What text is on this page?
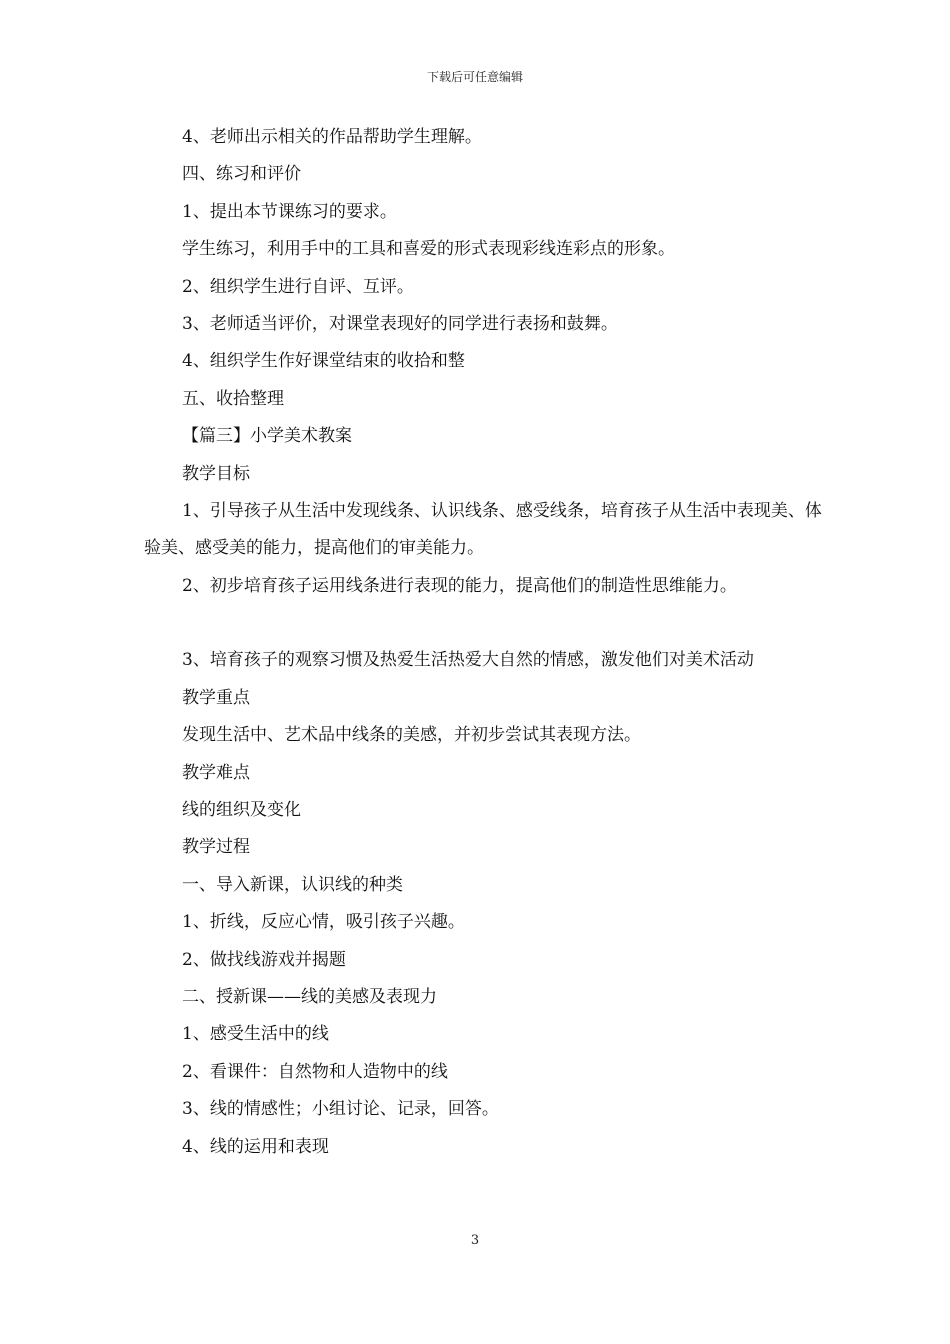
下载后可任意编辑

4、老师出示相关的作品帮助学生理解。

四、练习和评价

1、提出本节课练习的要求。

学生练习，利用手中的工具和喜爱的形式表现彩线连彩点的形象。

2、组织学生进行自评、互评。

3、老师适当评价，对课堂表现好的同学进行表扬和鼓舞。

4、组织学生作好课堂结束的收拾和整

五、收拾整理

【篇三】小学美术教案

教学目标

1、引导孩子从生活中发现线条、认识线条、感受线条，培育孩子从生活中表现美、体验美、感受美的能力，提高他们的审美能力。

2、初步培育孩子运用线条进行表现的能力，提高他们的制造性思维能力。

3、培育孩子的观察习惯及热爱生活热爱大自然的情感，激发他们对美术活动

教学重点

发现生活中、艺术品中线条的美感，并初步尝试其表现方法。

教学难点

线的组织及变化

教学过程

一、导入新课，认识线的种类

1、折线，反应心情，吸引孩子兴趣。

2、做找线游戏并揭题

二、授新课——线的美感及表现力

1、感受生活中的线

2、看课件：自然物和人造物中的线

3、线的情感性；小组讨论、记录，回答。

4、线的运用和表现

3
